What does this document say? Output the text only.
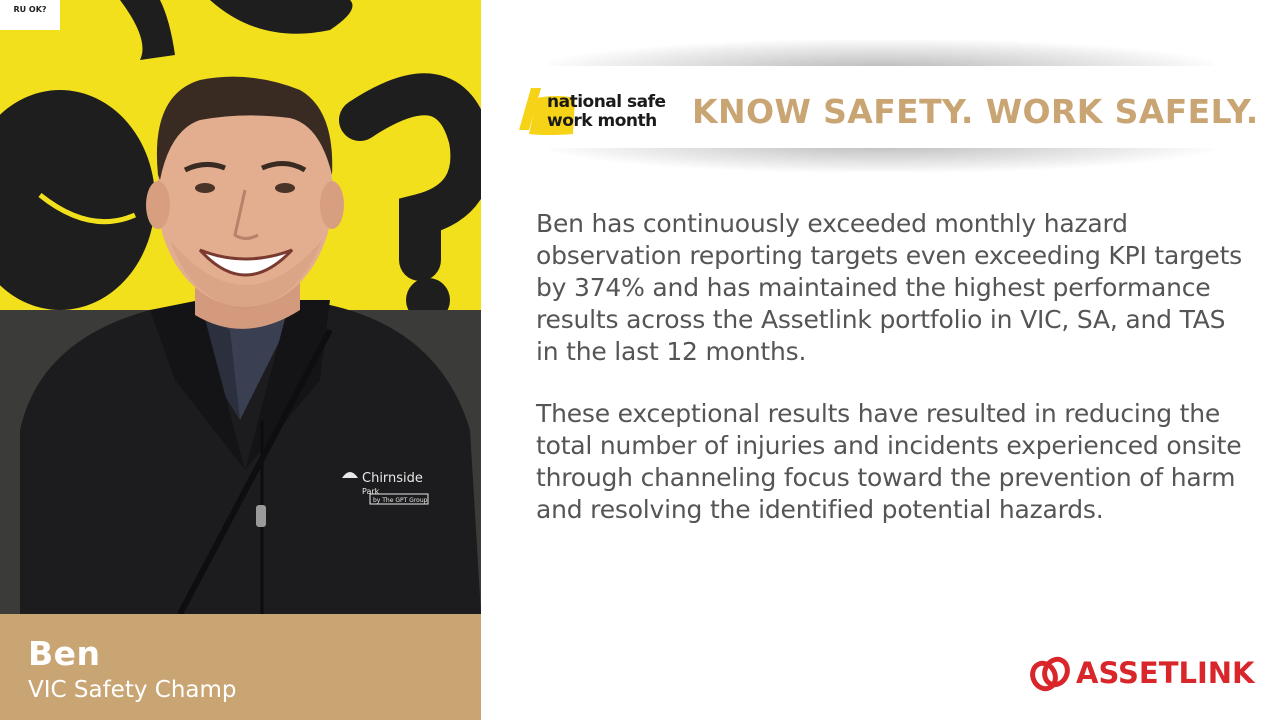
RU OK?
Chirnside
Park
by The GPT Group
Ben
VIC Safety Champ
national safe
work month KNOW SAFETY. WORK SAFELY.

Ben has continuously exceeded monthly hazard observation reporting targets even exceeding KPI targets by 374% and has maintained the highest performance results across the Assetlink portfolio in VIC, SA, and TAS in the last 12 months.

These exceptional results have resulted in reducing the total number of injuries and incidents experienced onsite through channeling focus toward the prevention of harm and resolving the identified potential hazards.

ASSETLINK
